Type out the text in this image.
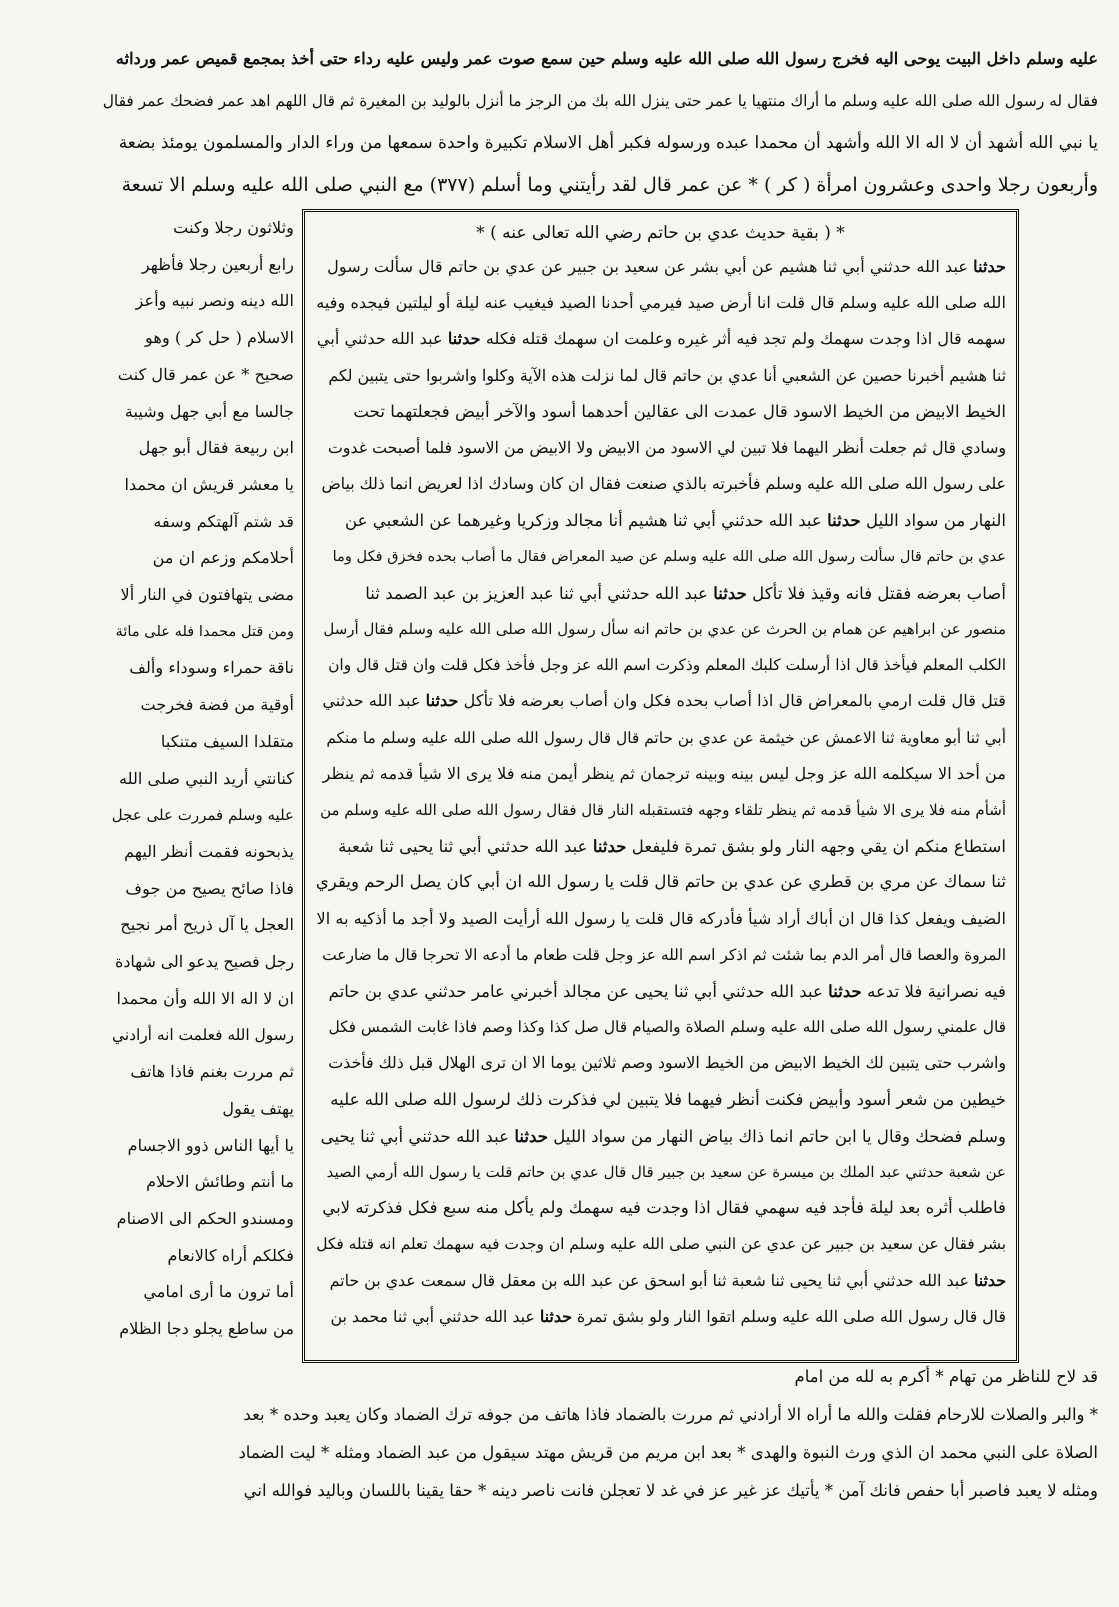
عليه وسلم داخل البيت يوحى اليه فخرج رسول الله صلى الله عليه وسلم حين سمع صوت عمر وليس عليه رداء حتى أخذ بمجمع قميص عمر ورداثه
فقال له رسول الله صلى الله عليه وسلم ما أراك منتهيا يا عمر حتى ينزل الله بك من الرجز ما أنزل بالوليد بن المغيرة ثم قال اللهم اهد عمر فضحك عمر فقال
يا نبي الله أشهد أن لا اله الا الله وأشهد أن محمدا عبده ورسوله فكبر أهل الاسلام تكبيرة واحدة سمعها من وراء الدار والمسلمون يومئذ بضعة
وأربعون رجلا واحدى وعشرون امرأة ( كر ) * عن عمر قال لقد رأيتني وما أسلم (٣٧٧) مع النبي صلى الله عليه وسلم الا تسعة
* ( بقية حديث عدي بن حاتم رضي الله تعالى عنه ) *
حدثنا عبد الله حدثني أبي ثنا هشيم عن أبي بشر عن سعيد بن جبير عن عدي بن حاتم قال سألت رسول
الله صلى الله عليه وسلم قال قلت انا أرض صيد فيرمي أحدنا الصيد فيغيب عنه ليلة أو ليلتين فيجده وفيه
سهمه قال اذا وجدت سهمك ولم تجد فيه أثر غيره وعلمت ان سهمك قتله فكله حدثنا عبد الله حدثني أبي
ثنا هشيم أخبرنا حصين عن الشعبي أنا عدي بن حاتم قال لما نزلت هذه الآية وكلوا واشربوا حتى يتبين لكم
الخيط الابيض من الخيط الاسود قال عمدت الى عقالين أحدهما أسود والآخر أبيض فجعلتهما تحت
وسادي قال ثم جعلت أنظر اليهما فلا تبين لي الاسود من الابيض ولا الابيض من الاسود فلما أصبحت غدوت
على رسول الله صلى الله عليه وسلم فأخبرته بالذي صنعت فقال ان كان وسادك اذا لعريض انما ذلك بياض
النهار من سواد الليل حدثنا عبد الله حدثني أبي ثنا هشيم أنا مجالد وزكريا وغيرهما عن الشعبي عن
عدي بن حاتم قال سألت رسول الله صلى الله عليه وسلم عن صيد المعراض فقال ما أصاب بحده فخزق فكل وما
أصاب بعرضه فقتل فانه وقيذ فلا تأكل حدثنا عبد الله حدثني أبي ثنا عبد العزيز بن عبد الصمد ثنا
منصور عن ابراهيم عن همام بن الحرث عن عدي بن حاتم انه سأل رسول الله صلى الله عليه وسلم فقال أرسل
الكلب المعلم فيأخذ قال اذا أرسلت كلبك المعلم وذكرت اسم الله عز وجل فأخذ فكل قلت وان قتل قال وان
قتل قال قلت ارمي بالمعراض قال اذا أصاب بحده فكل وان أصاب بعرضه فلا تأكل حدثنا عبد الله حدثني
أبي ثنا أبو معاوية ثنا الاعمش عن خيثمة عن عدي بن حاتم قال قال رسول الله صلى الله عليه وسلم ما منكم
من أحد الا سيكلمه الله عز وجل ليس بينه وبينه ترجمان ثم ينظر أيمن منه فلا يرى الا شيأ قدمه ثم ينظر
أشأم منه فلا يرى الا شيأ قدمه ثم ينظر تلقاء وجهه فتستقبله النار قال فقال رسول الله صلى الله عليه وسلم من
استطاع منكم ان يقي وجهه النار ولو بشق تمرة فليفعل حدثنا عبد الله حدثني أبي ثنا يحيى ثنا شعبة
ثنا سماك عن مري بن قطري عن عدي بن حاتم قال قلت يا رسول الله ان أبي كان يصل الرحم ويقري
الضيف ويفعل كذا قال ان أباك أراد شيأ فأدركه قال قلت يا رسول الله أرأيت الصيد ولا أجد ما أذكيه به الا
المروة والعصا قال أمر الدم بما شئت ثم اذكر اسم الله عز وجل قلت طعام ما أدعه الا تحرجا قال ما ضارعت
فيه نصرانية فلا تدعه حدثنا عبد الله حدثني أبي ثنا يحيى عن مجالد أخبرني عامر حدثني عدي بن حاتم
قال علمني رسول الله صلى الله عليه وسلم الصلاة والصيام قال صل كذا وكذا وصم فاذا غابت الشمس فكل
واشرب حتى يتبين لك الخيط الابيض من الخيط الاسود وصم ثلاثين يوما الا ان ترى الهلال قبل ذلك فأخذت
خيطين من شعر أسود وأبيض فكنت أنظر فيهما فلا يتبين لي فذكرت ذلك لرسول الله صلى الله عليه
وسلم فضحك وقال يا ابن حاتم انما ذاك بياض النهار من سواد الليل حدثنا عبد الله حدثني أبي ثنا يحيى
عن شعبة حدثني عبد الملك بن ميسرة عن سعيد بن جبير قال قال عدي بن حاتم قلت يا رسول الله أرمي الصيد
فاطلب أثره بعد ليلة فأجد فيه سهمي فقال اذا وجدت فيه سهمك ولم يأكل منه سبع فكل فذكرته لابي
بشر فقال عن سعيد بن جبير عن عدي عن النبي صلى الله عليه وسلم ان وجدت فيه سهمك تعلم انه قتله فكل
حدثنا عبد الله حدثني أبي ثنا يحيى ثنا شعبة ثنا أبو اسحق عن عبد الله بن معقل قال سمعت عدي بن حاتم
قال قال رسول الله صلى الله عليه وسلم اتقوا النار ولو بشق تمرة حدثنا عبد الله حدثني أبي ثنا محمد بن
وثلاثون رجلا وكنت
رابع أربعين رجلا فأظهر
الله دينه ونصر نبيه وأعز
الاسلام ( حل كر ) وهو
صحيح * عن عمر قال كنت
جالسا مع أبي جهل وشيبة
ابن ربيعة فقال أبو جهل
يا معشر قريش ان محمدا
قد شتم آلهتكم وسفه
أحلامكم وزعم ان من
مضى يتهافتون في النار ألا
ومن قتل محمدا فله على مائة
ناقة حمراء وسوداء وألف
أوقية من فضة فخرجت
متقلدا السيف متنكبا
كنانتي أريد النبي صلى الله
عليه وسلم فمررت على عجل
يذبحونه فقمت أنظر اليهم
فاذا صائح يصيح من جوف
العجل يا آل ذريح أمر نجيح
رجل فصيح يدعو الى شهادة
ان لا اله الا الله وأن محمدا
رسول الله فعلمت انه أرادني
ثم مررت بغنم فاذا هاتف
يهتف يقول
يا أيها الناس ذوو الاجسام
ما أنتم وطائش الاحلام
ومسندو الحكم الى الاصنام
فكلكم أراه كالانعام
أما ترون ما أرى امامي
من ساطع يجلو دجا الظلام
قد لاح للناظر من تهام * أكرم به لله من امام
* والبر والصلات للارحام فقلت والله ما أراه الا أرادني ثم مررت بالضماد فاذا هاتف من جوفه ترك الضماد وكان يعبد وحده * بعد
الصلاة على النبي محمد ان الذي ورث النبوة والهدى * بعد ابن مريم من قريش مهتد سيقول من عبد الضماد ومثله * ليت الضماد
ومثله لا يعبد فاصبر أبا حفص فانك آمن * يأتيك عز غير عز في غد لا تعجلن فانت ناصر دينه * حقا يقينا باللسان وباليد فوالله اني
